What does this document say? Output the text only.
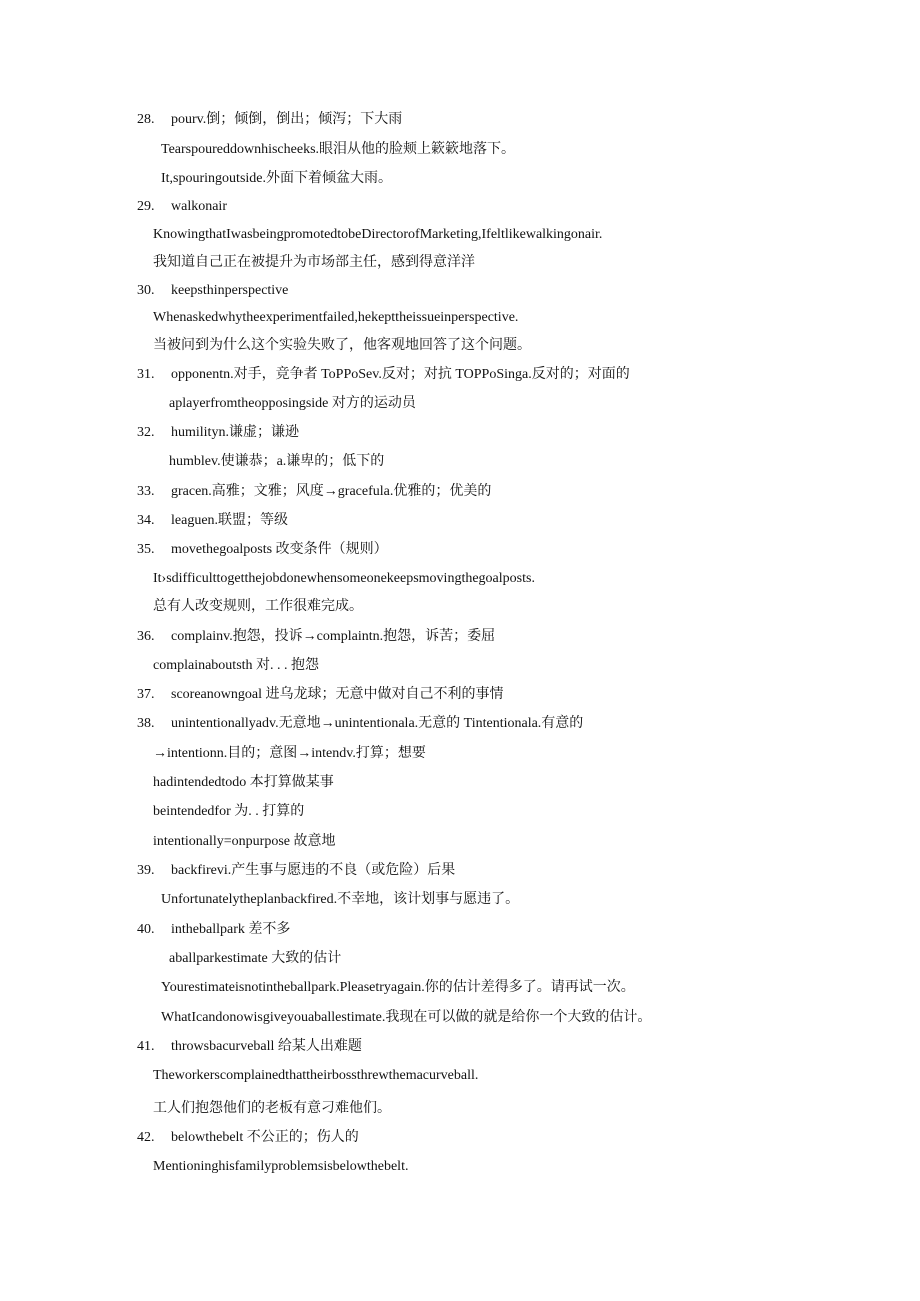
28. pourv.倒；倾倒，倒出；倾泻；下大雨
Tearspoureddownhischeeks.眼泪从他的脸颊上簌簌地落下。
It,spouringoutside.外面下着倾盆大雨。
29. walkonair
KnowingthatIwasbeingpromotedtobeDirectorofMarketing,Ifeltlikewalkingonair.
我知道自己正在被提升为市场部主任，感到得意洋洋
30. keepsthinperspective
Whenaskedwhytheexperimentfailed,hekepttheissueinperspective.
当被问到为什么这个实验失败了，他客观地回答了这个问题。
31. opponentn.对手，竞争者 ToPPoSev.反对；对抗 TOPPoSinga.反对的；对面的
aplayerfromtheopposingside 对方的运动员
32. humilityn.谦虚；谦逊
humblev.使谦恭；a.谦卑的；低下的
33. gracen.高雅；文雅；风度→gracefula.优雅的；优美的
34. leaguen.联盟；等级
35. movethegoalposts 改变条件（规则）
It›sdifficulttogetthejobdonewhensomeonekeepsmovingthegoalposts.
总有人改变规则，工作很难完成。
36. complainv.抱怨，投诉→complaintn.抱怨，诉苦；委屈
complainaboutsth 对. . . 抱怨
37. scoreanowngoal 进乌龙球；无意中做对自己不利的事情
38. unintentionallyadv.无意地→unintentionala.无意的 Tintentionala.有意的
→intentionn.目的；意图→intendv.打算；想要
hadintendedtodo 本打算做某事
beintendedfor 为. . 打算的
intentionally=onpurpose 故意地
39. backfirevi.产生事与愿违的不良（或危险）后果
Unfortunatelytheplanbackfired.不幸地，该计划事与愿违了。
40. intheballpark 差不多
aballparkestimate 大致的估计
Yourestimateisnotintheballpark.Pleasetryagain.你的估计差得多了。请再试一次。
WhatIcandonowisgiveyouaballestimate.我现在可以做的就是给你一个大致的估计。
41. throwsbacurveball 给某人出难题
Theworkerscomplainedthattheirbossthrewthemacurveball.
工人们抱怨他们的老板有意刁难他们。
42. belowthebelt 不公正的；伤人的
Mentioninghisfamilyproblemsisbelowthebelt.
